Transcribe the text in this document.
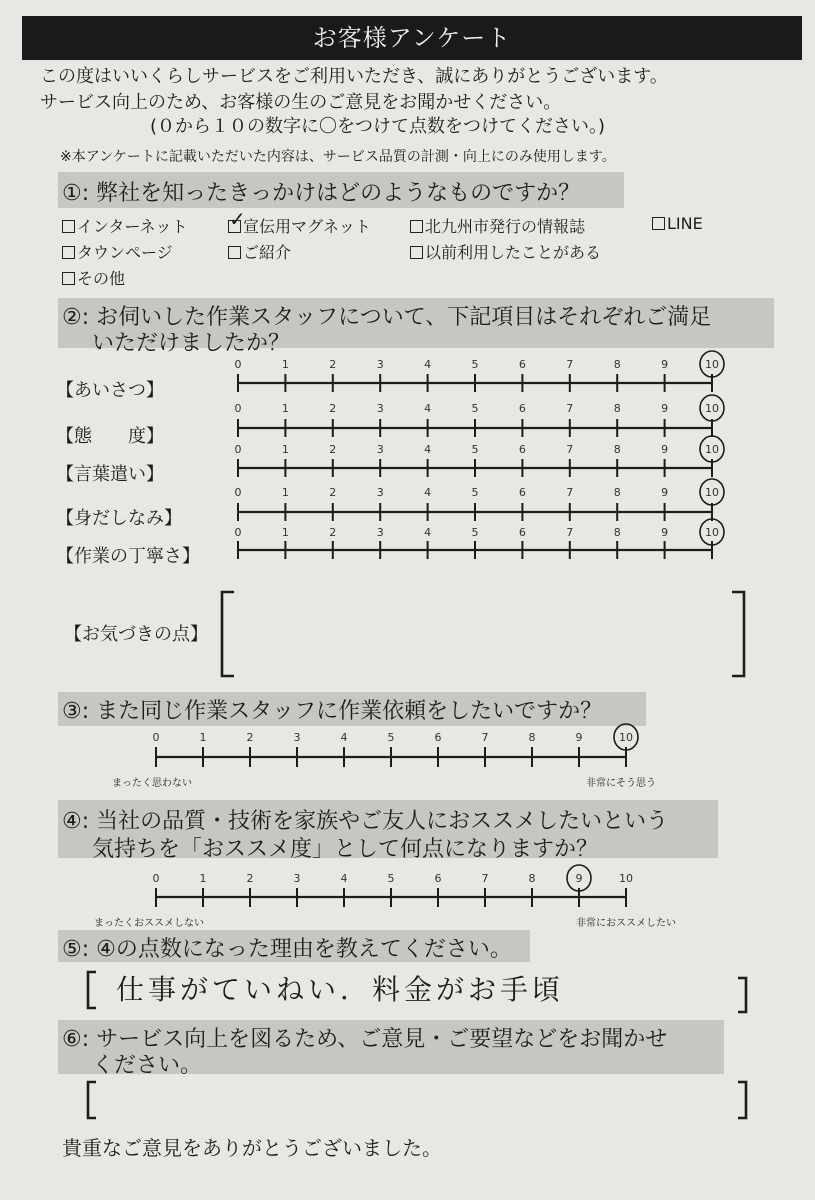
お客様アンケート
この度はいいくらしサービスをご利用いただき、誠にありがとうございます。
サービス向上のため、お客様の生のご意見をお聞かせください。
(０から１０の数字に〇をつけて点数をつけてください。)
※本アンケートに記載いただいた内容は、サービス品質の計測・向上にのみ使用します。
①: 弊社を知ったきっかけはどのようなものですか？
インターネット ✓
宣伝用マグネット	北九州市発行の情報誌	LINE
タウンページ	ご紹介	以前利用したことがある
その他
②: お伺いした作業スタッフについて、下記項目はそれぞれご満足
いただけましたか？
【あいさつ】
【態　　度】
【言葉遣い】
【身だしなみ】
【作業の丁寧さ】
【お気づきの点】
③: また同じ作業スタッフに作業依頼をしたいですか？
まったく思わない	非常にそう思う
④: 当社の品質・技術を家族やご友人におススメしたいという
気持ちを「おススメ度」として何点になりますか？
まったくおススメしない	非常におススメしたい
⑤: ④の点数になった理由を教えてください。
仕事がていねい．料金がお手頃
⑥: サービス向上を図るため、ご意見・ご要望などをお聞かせ
ください。
貴重なご意見をありがとうございました。
0	1	2	3	4	5	6	7	8	9	10
0	1	2	3	4	5	6	7	8	9	10
0	1	2	3	4	5	6	7	8	9	10
0	1	2	3	4	5	6	7	8	9	10
0	1	2	3	4	5	6	7	8	9	10
0	1	2	3	4	5	6	7	8	9	10
0	1	2	3	4	5	6	7	8	9	10
